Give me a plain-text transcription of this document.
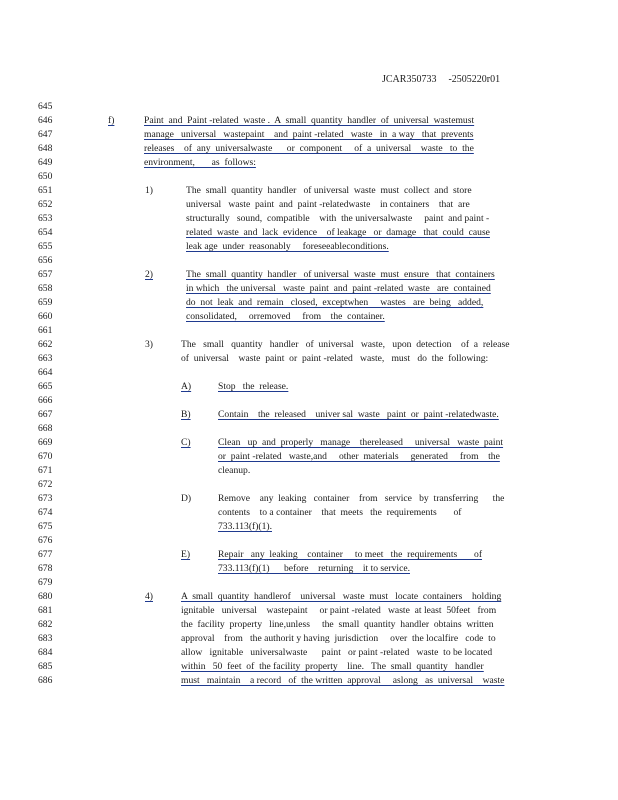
JCAR350733 -2505220r01
645
646
647
648
649
650
651
652
653
654
655
656
657
658
659
660
661
662
663
664
665
666
667
668
669
670
671
672
673
674
675
676
677
678
679
680
681
682
683
684
685
686
f)	Paint  and  Paint -related  waste .  A  small  quantity  handler  of  universal  wastemust
manage   universal   wastepaint    and  paint -related   waste   in  a way   that  prevents
releases    of  any  universalwaste      or  component     of  a  universal    waste   to  the
environment,       as  follows:
1)	The  small  quantity  handler   of universal  waste  must  collect  and  store
universal   waste  paint  and  paint -relatedwaste    in containers    that  are
structurally   sound,  compatible    with  the universalwaste     paint  and paint -
related  waste  and  lack  evidence    of leakage   or  damage   that  could  cause
leak age  under  reasonably     foreseeableconditions.
2)	The  small  quantity  handler   of universal  waste  must  ensure   that  containers
in which   the universal   waste  paint  and  paint -related  waste   are  contained
do  not  leak  and  remain   closed,  exceptwhen     wastes   are  being   added,
consolidated,     orremoved     from    the  container.
3)	The   small   quantity   handler   of  universal   waste,   upon  detection    of  a  release
of  universal    waste  paint  or  paint -related   waste,   must   do  the  following:
A)	Stop   the  release.
B)	Contain    the  released    univer sal  waste   paint  or  paint -relatedwaste.
C)	Clean   up  and  properly   manage    thereleased     universal   waste  paint
or  paint -related   waste,and     other  materials     generated     from    the
cleanup.
D)	Remove    any  leaking   container    from   service   by  transferring      the
contents    to a container    that  meets   the  requirements       of
733.113(f)(1).
E)	Repair   any  leaking    container     to meet   the  requirements       of
733.113(f)(1)      before    returning    it to service.
4)	A  small  quantity  handlerof    universal   waste  must   locate  containers    holding
ignitable   universal    wastepaint     or paint -related   waste  at least  50feet   from
the  facility  property   line,unless     the  small  quantity  handler  obtains  written
approval    from   the authorit y having  jurisdiction     over  the localfire   code  to
allow   ignitable   universalwaste      paint   or paint -related   waste  to be located
within   50  feet  of  the facility  property    line.   The  small  quantity   handler
must   maintain    a record   of  the written  approval     aslong   as  universal    waste
